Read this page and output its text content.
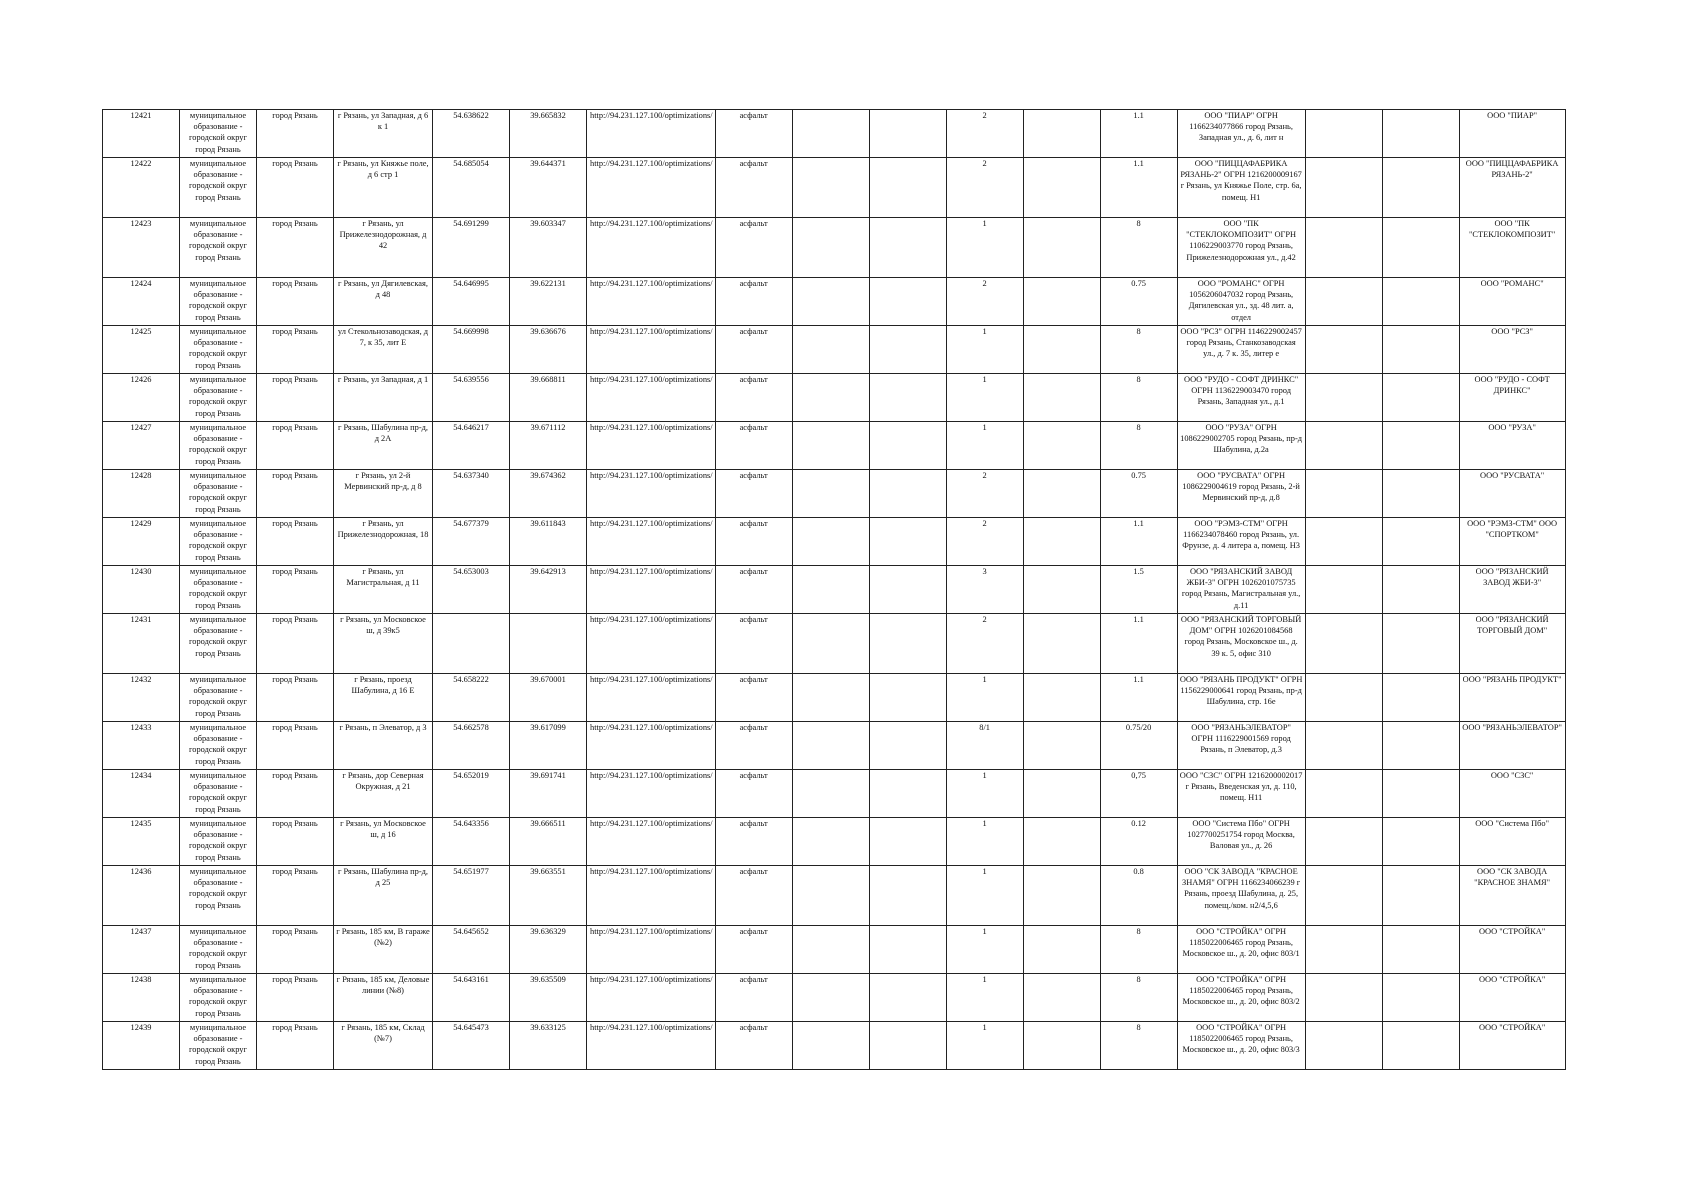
12421	муниципальное образование - городской округ город Рязань	город Рязань	г Рязань, ул Западная, д 6 к 1	54.638622	39.665832	http://94.231.127.100/optimizations/	асфальт			2		1.1	ООО "ПИАР" ОГРН 1166234077866 город Рязань, Западная ул., д. 6, лит н			ООО "ПИАР"
12422	муниципальное образование - городской округ город Рязань	город Рязань	г Рязань, ул Княжье поле, д 6 стр 1	54.685054	39.644371	http://94.231.127.100/optimizations/	асфальт			2		1.1	ООО "ПИЦЦАФАБРИКА РЯЗАНЬ-2" ОГРН 1216200009167 г Рязань, ул Княжье Поле, стр. 6а, помещ. Н1			ООО "ПИЦЦАФАБРИКА РЯЗАНЬ-2"
12423	муниципальное образование - городской округ город Рязань	город Рязань	г Рязань, ул Прижелезнодорожная, д 42	54.691299	39.603347	http://94.231.127.100/optimizations/	асфальт			1		8	ООО "ПК "СТЕКЛОКОМПОЗИТ" ОГРН 1106229003770 город Рязань, Прижелезнодорожная ул., д.42			ООО "ПК "СТЕКЛОКОМПОЗИТ"
12424	муниципальное образование - городской округ город Рязань	город Рязань	г Рязань, ул Дягилевская, д 48	54.646995	39.622131	http://94.231.127.100/optimizations/	асфальт			2		0.75	ООО "РОМАНС" ОГРН 1056206047032 город Рязань, Дягилевская ул., зд. 48 лит. а, отдел			ООО "РОМАНС"
12425	муниципальное образование - городской округ город Рязань	город Рязань	ул Стекольнозаводская, д 7, к 35, лит Е	54.669998	39.636676	http://94.231.127.100/optimizations/	асфальт			1		8	ООО "РСЗ" ОГРН 1146229002457 город Рязань, Станкозаводская ул., д. 7 к. 35, литер е			ООО "РСЗ"
12426	муниципальное образование - городской округ город Рязань	город Рязань	г Рязань, ул Западная, д 1	54.639556	39.668811	http://94.231.127.100/optimizations/	асфальт			1		8	ООО "РУДО - СОФТ ДРИНКС" ОГРН 1136229003470 город Рязань, Западная ул., д.1			ООО "РУДО - СОФТ ДРИНКС"
12427	муниципальное образование - городской округ город Рязань	город Рязань	г Рязань, Шабулина пр-д, д 2А	54.646217	39.671112	http://94.231.127.100/optimizations/	асфальт			1		8	ООО "РУЗА" ОГРН 1086229002705 город Рязань, пр-д Шабулина, д.2а			ООО "РУЗА"
12428	муниципальное образование - городской округ город Рязань	город Рязань	г Рязань, ул 2-й Мервинский пр-д, д 8	54.637340	39.674362	http://94.231.127.100/optimizations/	асфальт			2		0.75	ООО "РУСВАТА" ОГРН 1086229004619 город Рязань, 2-й Мервинский пр-д, д.8			ООО "РУСВАТА"
12429	муниципальное образование - городской округ город Рязань	город Рязань	г Рязань, ул Прижелезнодорожная, 18	54.677379	39.611843	http://94.231.127.100/optimizations/	асфальт			2		1.1	ООО "РЭМЗ-СТМ" ОГРН 1166234078460 город Рязань, ул. Фрунзе, д. 4 литера а, помещ. Н3			ООО "РЭМЗ-СТМ" ООО "СПОРТКОМ"
12430	муниципальное образование - городской округ город Рязань	город Рязань	г Рязань, ул Магистральная, д 11	54.653003	39.642913	http://94.231.127.100/optimizations/	асфальт			3		1.5	ООО "РЯЗАНСКИЙ ЗАВОД ЖБИ-3" ОГРН 1026201075735 город Рязань, Магистральная ул., д.11			ООО "РЯЗАНСКИЙ ЗАВОД ЖБИ-3"
12431	муниципальное образование - городской округ город Рязань	город Рязань	г Рязань, ул Московское ш, д 39к5			http://94.231.127.100/optimizations/	асфальт			2		1.1	ООО "РЯЗАНСКИЙ ТОРГОВЫЙ ДОМ" ОГРН 1026201084568 город Рязань, Московское ш., д. 39 к. 5, офис 310			ООО "РЯЗАНСКИЙ ТОРГОВЫЙ ДОМ"
12432	муниципальное образование - городской округ город Рязань	город Рязань	г Рязань, проезд Шабулина, д 16 Е	54.658222	39.670001	http://94.231.127.100/optimizations/	асфальт			1		1.1	ООО "РЯЗАНЬ ПРОДУКТ" ОГРН 1156229000641 город Рязань, пр-д Шабулина, стр. 16е			ООО "РЯЗАНЬ ПРОДУКТ"
12433	муниципальное образование - городской округ город Рязань	город Рязань	г Рязань, п Элеватор, д 3	54.662578	39.617099	http://94.231.127.100/optimizations/	асфальт			8/1		0.75/20	ООО "РЯЗАНЬЭЛЕВАТОР" ОГРН 1116229001569 город Рязань, п Элеватор, д.3			ООО "РЯЗАНЬЭЛЕВАТОР"
12434	муниципальное образование - городской округ город Рязань	город Рязань	г Рязань, дор Северная Окружная, д 21	54.652019	39.691741	http://94.231.127.100/optimizations/	асфальт			1		0,75	ООО "СЗС" ОГРН 1216200002017 г Рязань, Введенская ул, д. 110, помещ. Н11			ООО "СЗС"
12435	муниципальное образование - городской округ город Рязань	город Рязань	г Рязань, ул Московское ш, д 16	54.643356	39.666511	http://94.231.127.100/optimizations/	асфальт			1		0.12	ООО "Система Пбо" ОГРН 1027700251754 город Москва, Валовая ул., д. 26			ООО "Система Пбо"
12436	муниципальное образование - городской округ город Рязань	город Рязань	г Рязань, Шабулина пр-д, д 25	54.651977	39.663551	http://94.231.127.100/optimizations/	асфальт			1		0.8	ООО "СК ЗАВОДА "КРАСНОЕ ЗНАМЯ" ОГРН 1166234066239 г Рязань, проезд Шабулина, д. 25, помещ./ком. н2/4,5,6			ООО "СК ЗАВОДА "КРАСНОЕ ЗНАМЯ"
12437	муниципальное образование - городской округ город Рязань	город Рязань	г Рязань, 185 км, В гараже (№2)	54.645652	39.636329	http://94.231.127.100/optimizations/	асфальт			1		8	ООО "СТРОЙКА" ОГРН 1185022006465 город Рязань, Московское ш., д. 20, офис 803/1			ООО "СТРОЙКА"
12438	муниципальное образование - городской округ город Рязань	город Рязань	г Рязань, 185 км, Деловые линии (№8)	54.643161	39.635509	http://94.231.127.100/optimizations/	асфальт			1		8	ООО "СТРОЙКА" ОГРН 1185022006465 город Рязань, Московское ш., д. 20, офис 803/2			ООО "СТРОЙКА"
12439	муниципальное образование - городской округ город Рязань	город Рязань	г Рязань, 185 км, Склад (№7)	54.645473	39.633125	http://94.231.127.100/optimizations/	асфальт			1		8	ООО "СТРОЙКА" ОГРН 1185022006465 город Рязань, Московское ш., д. 20, офис 803/3			ООО "СТРОЙКА"
